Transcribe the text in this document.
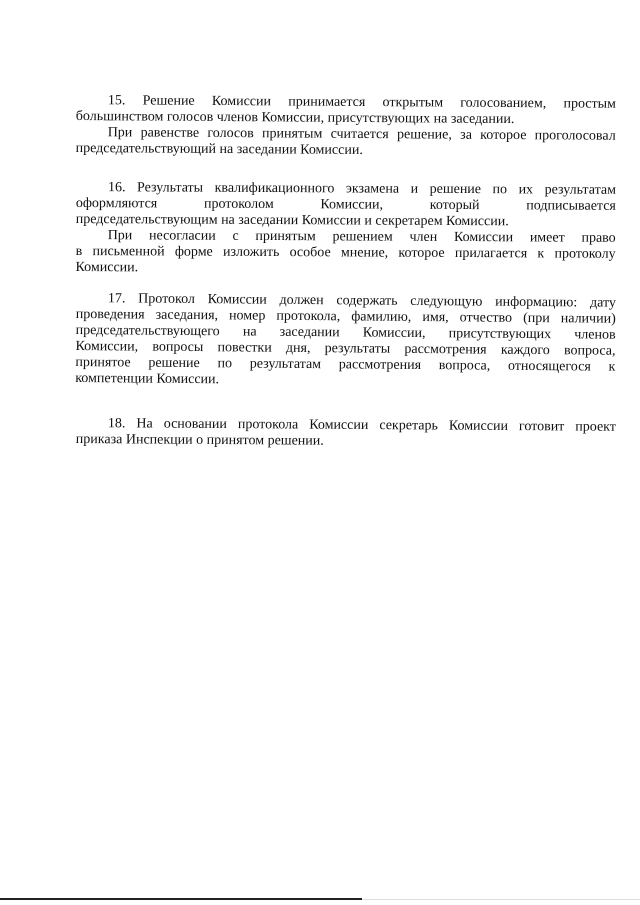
15. Решение Комиссии принимается открытым голосованием, простым
большинством голосов членов Комиссии, присутствующих на заседании.
При равенстве голосов принятым считается решение, за которое проголосовал
председательствующий на заседании Комиссии.
16. Результаты квалификационного экзамена и решение по их результатам
оформляются протоколом Комиссии, который подписывается
председательствующим на заседании Комиссии и секретарем Комиссии.
При несогласии с принятым решением член Комиссии имеет право
в письменной форме изложить особое мнение, которое прилагается к протоколу
Комиссии.
17. Протокол Комиссии должен содержать следующую информацию: дату
проведения заседания, номер протокола, фамилию, имя, отчество (при наличии)
председательствующего на заседании Комиссии, присутствующих членов
Комиссии, вопросы повестки дня, результаты рассмотрения каждого вопроса,
принятое решение по результатам рассмотрения вопроса, относящегося к
компетенции Комиссии.
18. На основании протокола Комиссии секретарь Комиссии готовит проект
приказа Инспекции о принятом решении.
